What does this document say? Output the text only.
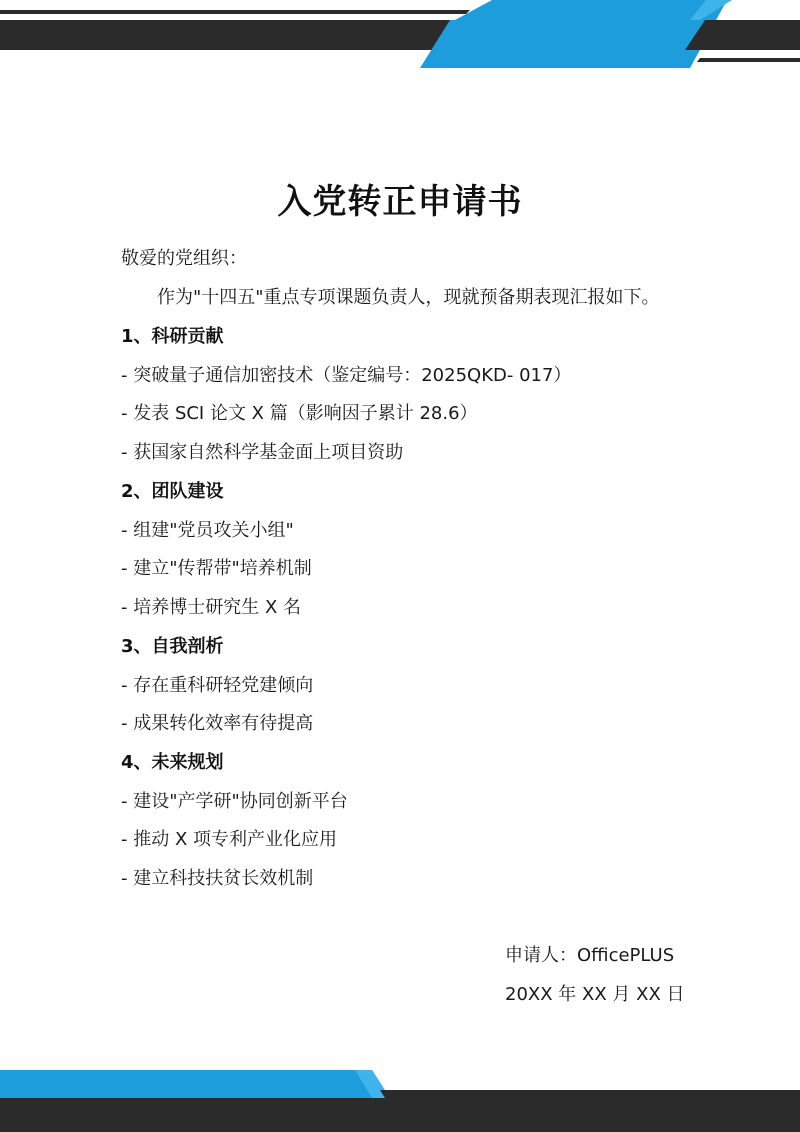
入党转正申请书
敬爱的党组织：
作为"十四五"重点专项课题负责人，现就预备期表现汇报如下。
1、科研贡献
- 突破量子通信加密技术（鉴定编号：2025QKD- 017）
- 发表 SCI 论文 X 篇（影响因子累计 28.6）
- 获国家自然科学基金面上项目资助
2、团队建设
- 组建"党员攻关小组"
- 建立"传帮带"培养机制
- 培养博士研究生 X 名
3、自我剖析
- 存在重科研轻党建倾向
- 成果转化效率有待提高
4、未来规划
- 建设"产学研"协同创新平台
- 推动 X 项专利产业化应用
- 建立科技扶贫长效机制
申请人：OfficePLUS
20XX 年 XX 月 XX 日
